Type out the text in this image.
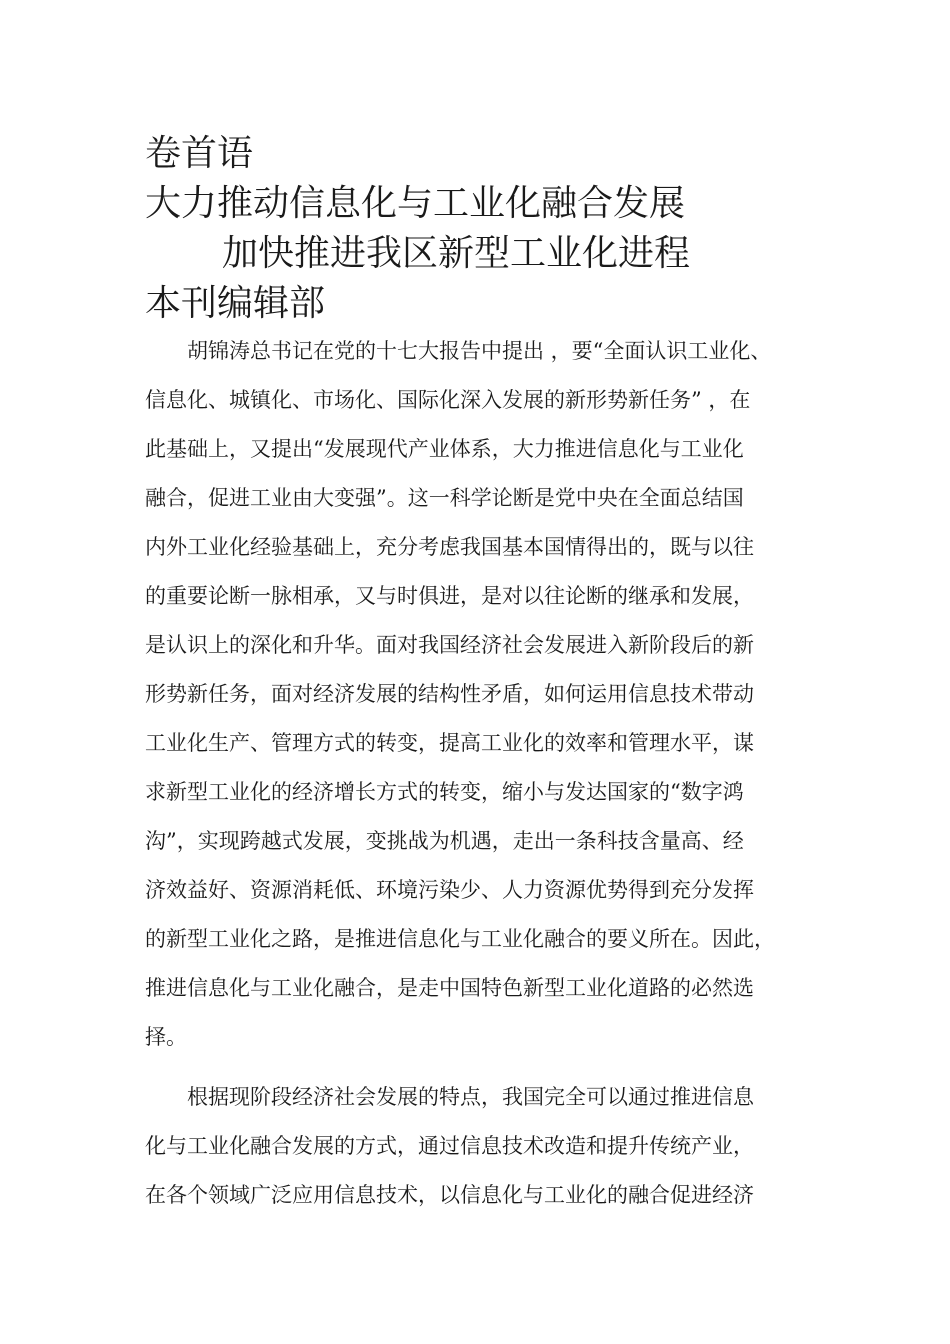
卷首语
大力推动信息化与工业化融合发展
加快推进我区新型工业化进程
本刊编辑部
　　胡锦涛总书记在党的十七大报告中提出 ，要“全面认识工业化、
信息化、城镇化、市场化、国际化深入发展的新形势新任务” ，在
此基础上，又提出“发展现代产业体系，大力推进信息化与工业化
融合，促进工业由大变强”。这一科学论断是党中央在全面总结国
内外工业化经验基础上，充分考虑我国基本国情得出的，既与以往
的重要论断一脉相承，又与时俱进，是对以往论断的继承和发展，
是认识上的深化和升华。面对我国经济社会发展进入新阶段后的新
形势新任务，面对经济发展的结构性矛盾，如何运用信息技术带动
工业化生产、管理方式的转变，提高工业化的效率和管理水平，谋
求新型工业化的经济增长方式的转变，缩小与发达国家的“数字鸿
沟”，实现跨越式发展，变挑战为机遇，走出一条科技含量高、经
济效益好、资源消耗低、环境污染少、人力资源优势得到充分发挥
的新型工业化之路，是推进信息化与工业化融合的要义所在。因此，
推进信息化与工业化融合，是走中国特色新型工业化道路的必然选
择。
　　根据现阶段经济社会发展的特点，我国完全可以通过推进信息
化与工业化融合发展的方式，通过信息技术改造和提升传统产业，
在各个领域广泛应用信息技术，以信息化与工业化的融合促进经济
